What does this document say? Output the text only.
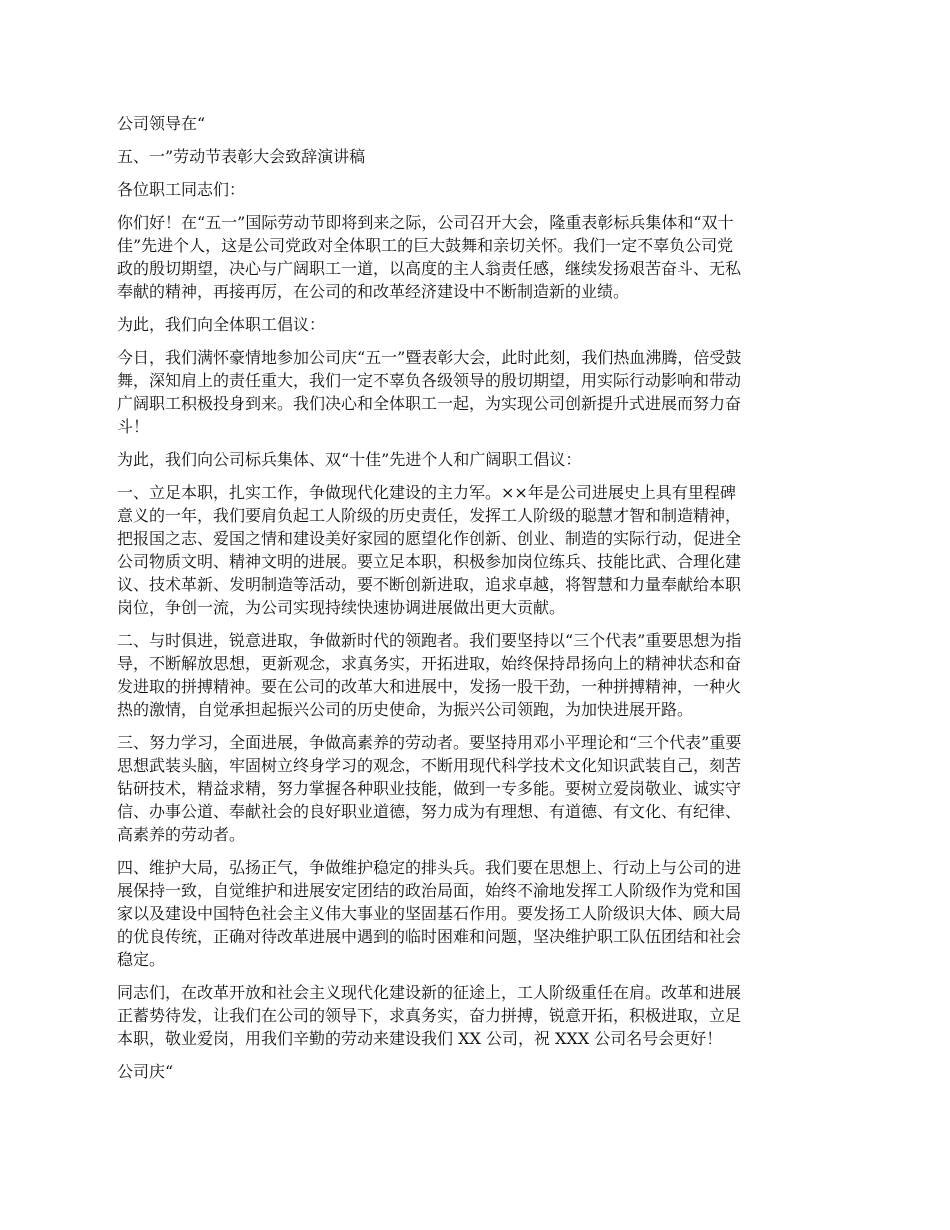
公司领导在“

五、一”劳动节表彰大会致辞演讲稿

各位职工同志们：

你们好！在“五一”国际劳动节即将到来之际，公司召开大会，隆重表彰标兵集体和“双十
佳”先进个人，这是公司党政对全体职工的巨大鼓舞和亲切关怀。我们一定不辜负公司党
政的殷切期望，决心与广阔职工一道，以高度的主人翁责任感，继续发扬艰苦奋斗、无私
奉献的精神，再接再厉，在公司的和改革经济建设中不断制造新的业绩。
为此，我们向全体职工倡议：
今日，我们满怀豪情地参加公司庆“五一”暨表彰大会，此时此刻，我们热血沸腾，倍受鼓
舞，深知肩上的责任重大，我们一定不辜负各级领导的殷切期望，用实际行动影响和带动
广阔职工积极投身到来。我们决心和全体职工一起，为实现公司创新提升式进展而努力奋
斗！
为此，我们向公司标兵集体、双“十佳”先进个人和广阔职工倡议：
一、立足本职，扎实工作，争做现代化建设的主力军。××年是公司进展史上具有里程碑
意义的一年，我们要肩负起工人阶级的历史责任，发挥工人阶级的聪慧才智和制造精神，
把报国之志、爱国之情和建设美好家园的愿望化作创新、创业、制造的实际行动，促进全
公司物质文明、精神文明的进展。要立足本职，积极参加岗位练兵、技能比武、合理化建
议、技术革新、发明制造等活动，要不断创新进取，追求卓越，将智慧和力量奉献给本职
岗位，争创一流，为公司实现持续快速协调进展做出更大贡献。
二、与时俱进，锐意进取，争做新时代的领跑者。我们要坚持以“三个代表”重要思想为指
导，不断解放思想，更新观念，求真务实，开拓进取，始终保持昂扬向上的精神状态和奋
发进取的拼搏精神。要在公司的改革大和进展中，发扬一股干劲，一种拼搏精神，一种火
热的激情，自觉承担起振兴公司的历史使命，为振兴公司领跑，为加快进展开路。
三、努力学习，全面进展，争做高素养的劳动者。要坚持用邓小平理论和“三个代表”重要
思想武装头脑，牢固树立终身学习的观念，不断用现代科学技术文化知识武装自己，刻苦
钻研技术，精益求精，努力掌握各种职业技能，做到一专多能。要树立爱岗敬业、诚实守
信、办事公道、奉献社会的良好职业道德，努力成为有理想、有道德、有文化、有纪律、
高素养的劳动者。
四、维护大局，弘扬正气，争做维护稳定的排头兵。我们要在思想上、行动上与公司的进
展保持一致，自觉维护和进展安定团结的政治局面，始终不渝地发挥工人阶级作为党和国
家以及建设中国特色社会主义伟大事业的坚固基石作用。要发扬工人阶级识大体、顾大局
的优良传统，正确对待改革进展中遇到的临时困难和问题，坚决维护职工队伍团结和社会
稳定。
同志们，在改革开放和社会主义现代化建设新的征途上，工人阶级重任在肩。改革和进展
正蓄势待发，让我们在公司的领导下，求真务实，奋力拼搏，锐意开拓，积极进取，立足
本职，敬业爱岗，用我们辛勤的劳动来建设我们 XX 公司，祝 XXX 公司名号会更好！

公司庆“
